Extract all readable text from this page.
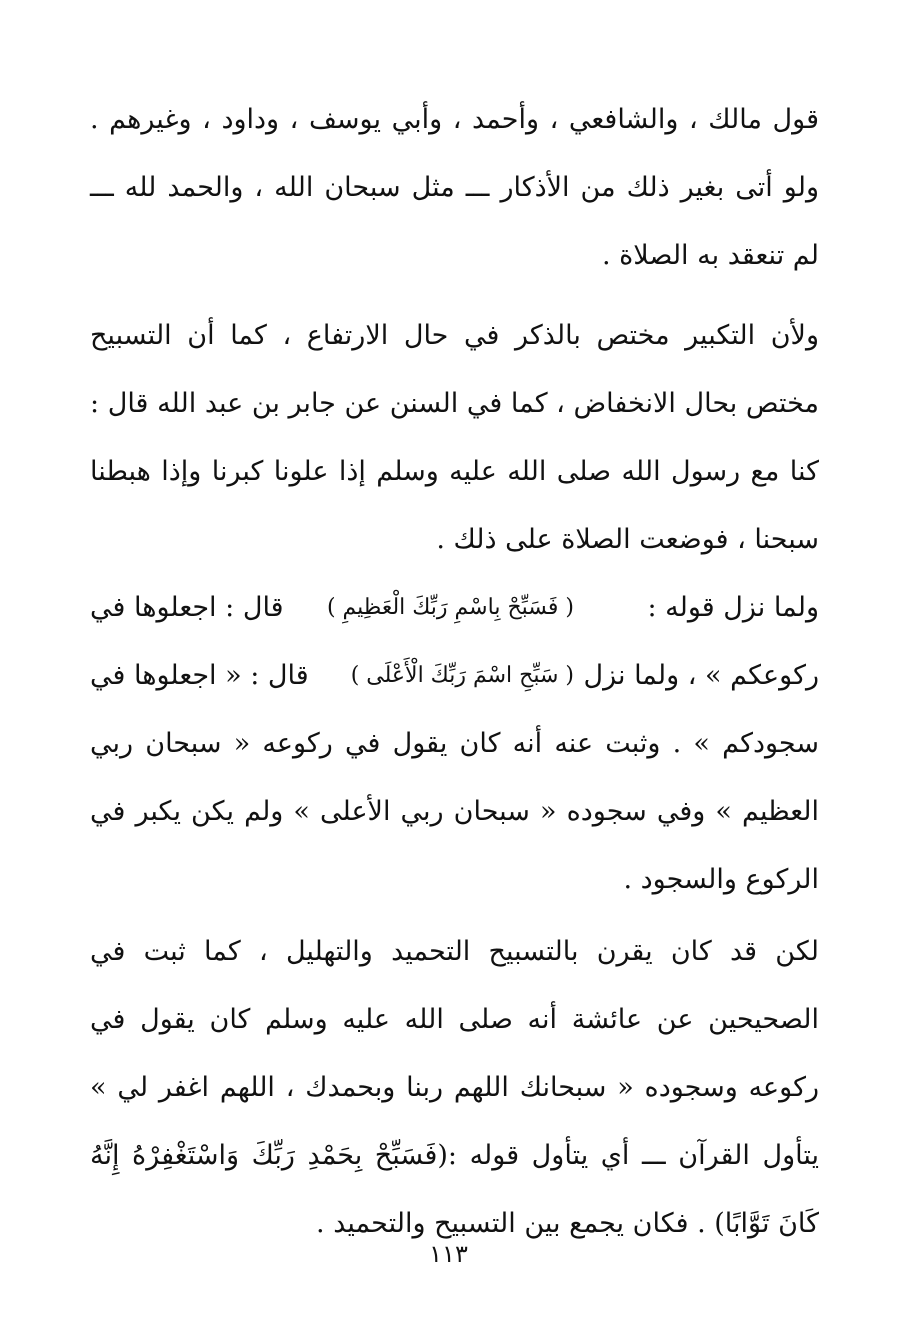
قول مالك ، والشافعي ، وأحمد ، وأبي يوسف ، وداود ، وغيرهم . ولو أتى بغير ذلك من الأذكار ـــ مثل سبحان الله ، والحمد لله ـــ لم تنعقد به الصلاة .

ولأن التكبير مختص بالذكر في حال الارتفاع ، كما أن التسبيح مختص بحال الانخفاض ، كما في السنن عن جابر بن عبد الله قال : كنا مع رسول الله صلى الله عليه وسلم إذا علونا كبرنا وإذا هبطنا سبحنا ، فوضعت الصلاة على ذلك .

ولما نزل قوله :
( فَسَبِّحْ بِاسْمِ رَبِّكَ الْعَظِيمِ )
قال : اجعلوها في
ركوعكم » ، ولما نزل
( سَبِّحِ اسْمَ رَبِّكَ الْأَعْلَى )
قال : « اجعلوها في

سجودكم » . وثبت عنه أنه كان يقول في ركوعه « سبحان ربي العظيم » وفي سجوده « سبحان ربي الأعلى » ولم يكن يكبر في الركوع والسجود .

لكن قد كان يقرن بالتسبيح التحميد والتهليل ، كما ثبت في الصحيحين عن عائشة أنه صلى الله عليه وسلم كان يقول في ركوعه وسجوده « سبحانك اللهم ربنا وبحمدك ، اللهم اغفر لي » يتأول القرآن ـــ أي يتأول قوله :(فَسَبِّحْ بِحَمْدِ رَبِّكَ وَاسْتَغْفِرْهُ إِنَّهُ كَانَ تَوَّابًا) . فكان يجمع بين التسبيح والتحميد .

١١٣
